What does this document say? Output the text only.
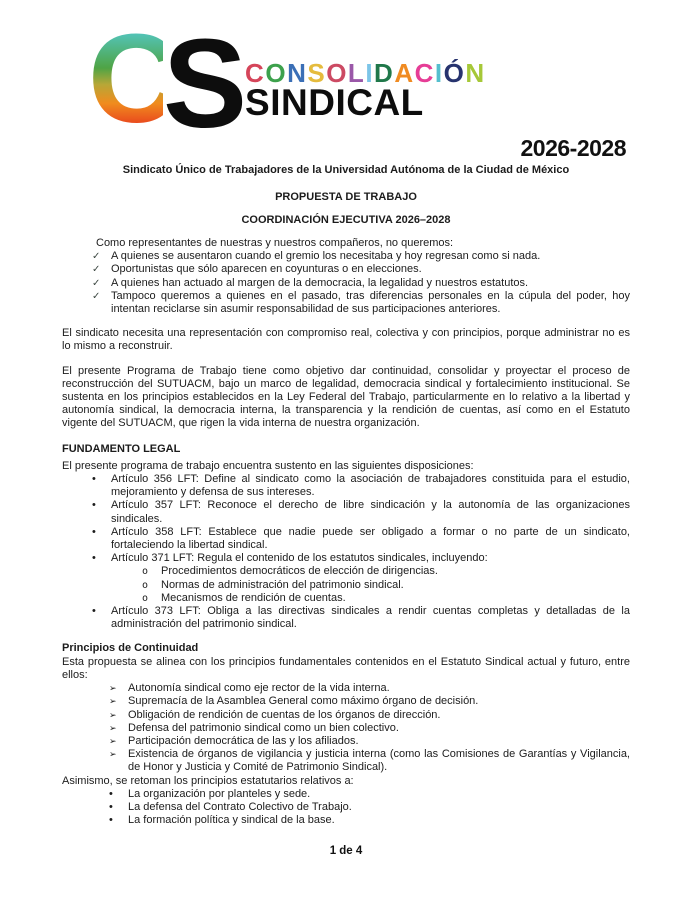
CS CONSOLIDACIÓN
SINDICAL
2026-2028
Sindicato Único de Trabajadores de la Universidad Autónoma de la Ciudad de México
PROPUESTA DE TRABAJO
COORDINACIÓN EJECUTIVA 2026–2028

Como representantes de nuestras y nuestros compañeros, no queremos:

✓ A quienes se ausentaron cuando el gremio los necesitaba y hoy regresan como si nada.
✓ Oportunistas que sólo aparecen en coyunturas o en elecciones.
✓ A quienes han actuado al margen de la democracia, la legalidad y nuestros estatutos.
✓ Tampoco queremos a quienes en el pasado, tras diferencias personales en la cúpula del poder, hoy intentan reciclarse sin asumir responsabilidad de sus participaciones anteriores.

El sindicato necesita una representación con compromiso real, colectiva y con principios, porque administrar no es lo mismo a reconstruir.

El presente Programa de Trabajo tiene como objetivo dar continuidad, consolidar y proyectar el proceso de reconstrucción del SUTUACM, bajo un marco de legalidad, democracia sindical y fortalecimiento institucional. Se sustenta en los principios establecidos en la Ley Federal del Trabajo, particularmente en lo relativo a la libertad y autonomía sindical, la democracia interna, la transparencia y la rendición de cuentas, así como en el Estatuto vigente del SUTUACM, que rigen la vida interna de nuestra organización.

FUNDAMENTO LEGAL

El presente programa de trabajo encuentra sustento en las siguientes disposiciones:

• Artículo 356 LFT: Define al sindicato como la asociación de trabajadores constituida para el estudio, mejoramiento y defensa de sus intereses.
• Artículo 357 LFT: Reconoce el derecho de libre sindicación y la autonomía de las organizaciones sindicales.
• Artículo 358 LFT: Establece que nadie puede ser obligado a formar o no parte de un sindicato, fortaleciendo la libertad sindical.
• Artículo 371 LFT: Regula el contenido de los estatutos sindicales, incluyendo:
o Procedimientos democráticos de elección de dirigencias.
o Normas de administración del patrimonio sindical.
o Mecanismos de rendición de cuentas.
• Artículo 373 LFT: Obliga a las directivas sindicales a rendir cuentas completas y detalladas de la administración del patrimonio sindical.

Principios de Continuidad

Esta propuesta se alinea con los principios fundamentales contenidos en el Estatuto Sindical actual y futuro, entre ellos:

➢ Autonomía sindical como eje rector de la vida interna.
➢ Supremacía de la Asamblea General como máximo órgano de decisión.
➢ Obligación de rendición de cuentas de los órganos de dirección.
➢ Defensa del patrimonio sindical como un bien colectivo.
➢ Participación democrática de las y los afiliados.
➢ Existencia de órganos de vigilancia y justicia interna (como las Comisiones de Garantías y Vigilancia, de Honor y Justicia y Comité de Patrimonio Sindical).

Asimismo, se retoman los principios estatutarios relativos a:

• La organización por planteles y sede.
• La defensa del Contrato Colectivo de Trabajo.
• La formación política y sindical de la base.
1 de 4
